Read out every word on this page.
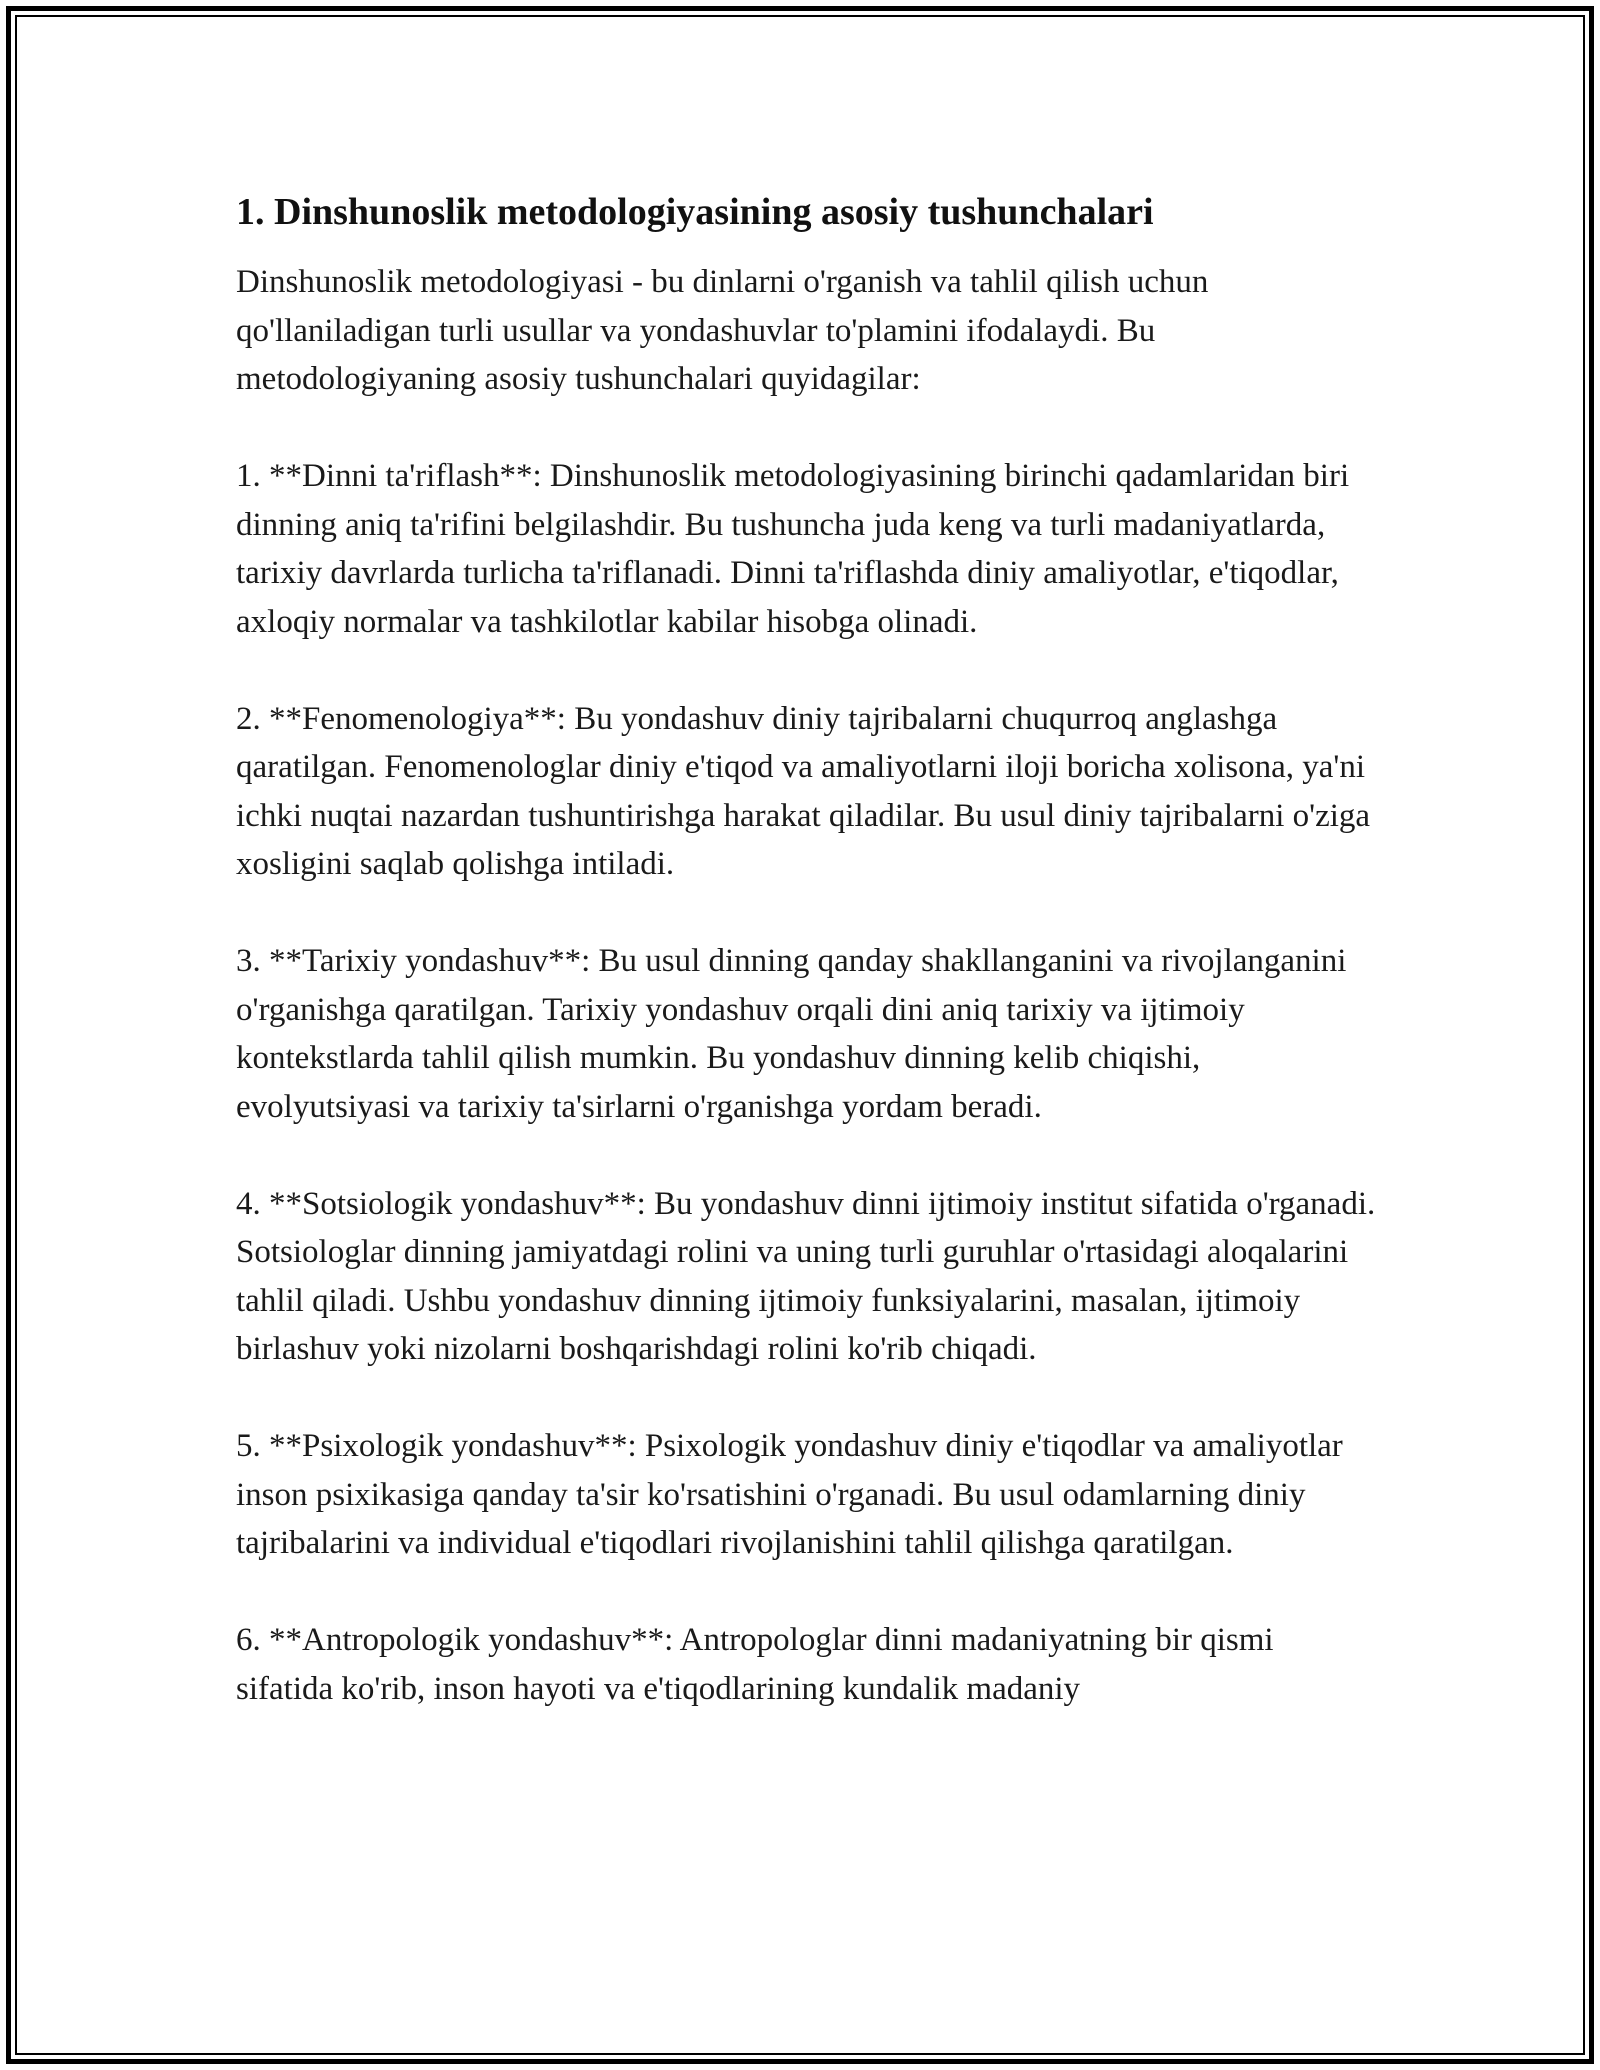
1. Dinshunoslik metodologiyasining asosiy tushunchalari

Dinshunoslik metodologiyasi - bu dinlarni o'rganish va tahlil qilish uchun qo'llaniladigan turli usullar va yondashuvlar to'plamini ifodalaydi. Bu metodologiyaning asosiy tushunchalari quyidagilar:

1. **Dinni ta'riflash**: Dinshunoslik metodologiyasining birinchi qadamlaridan biri dinning aniq ta'rifini belgilashdir. Bu tushuncha juda keng va turli madaniyatlarda, tarixiy davrlarda turlicha ta'riflanadi. Dinni ta'riflashda diniy amaliyotlar, e'tiqodlar, axloqiy normalar va tashkilotlar kabilar hisobga olinadi.

2. **Fenomenologiya**: Bu yondashuv diniy tajribalarni chuqurroq anglashga qaratilgan. Fenomenologlar diniy e'tiqod va amaliyotlarni iloji boricha xolisona, ya'ni ichki nuqtai nazardan tushuntirishga harakat qiladilar. Bu usul diniy tajribalarni o'ziga xosligini saqlab qolishga intiladi.

3. **Tarixiy yondashuv**: Bu usul dinning qanday shakllanganini va rivojlanganini o'rganishga qaratilgan. Tarixiy yondashuv orqali dini aniq tarixiy va ijtimoiy kontekstlarda tahlil qilish mumkin. Bu yondashuv dinning kelib chiqishi, evolyutsiyasi va tarixiy ta'sirlarni o'rganishga yordam beradi.

4. **Sotsiologik yondashuv**: Bu yondashuv dinni ijtimoiy institut sifatida o'rganadi. Sotsiologlar dinning jamiyatdagi rolini va uning turli guruhlar o'rtasidagi aloqalarini tahlil qiladi. Ushbu yondashuv dinning ijtimoiy funksiyalarini, masalan, ijtimoiy birlashuv yoki nizolarni boshqarishdagi rolini ko'rib chiqadi.

5. **Psixologik yondashuv**: Psixologik yondashuv diniy e'tiqodlar va amaliyotlar inson psixikasiga qanday ta'sir ko'rsatishini o'rganadi. Bu usul odamlarning diniy tajribalarini va individual e'tiqodlari rivojlanishini tahlil qilishga qaratilgan.

6. **Antropologik yondashuv**: Antropologlar dinni madaniyatning bir qismi sifatida ko'rib, inson hayoti va e'tiqodlarining kundalik madaniy
